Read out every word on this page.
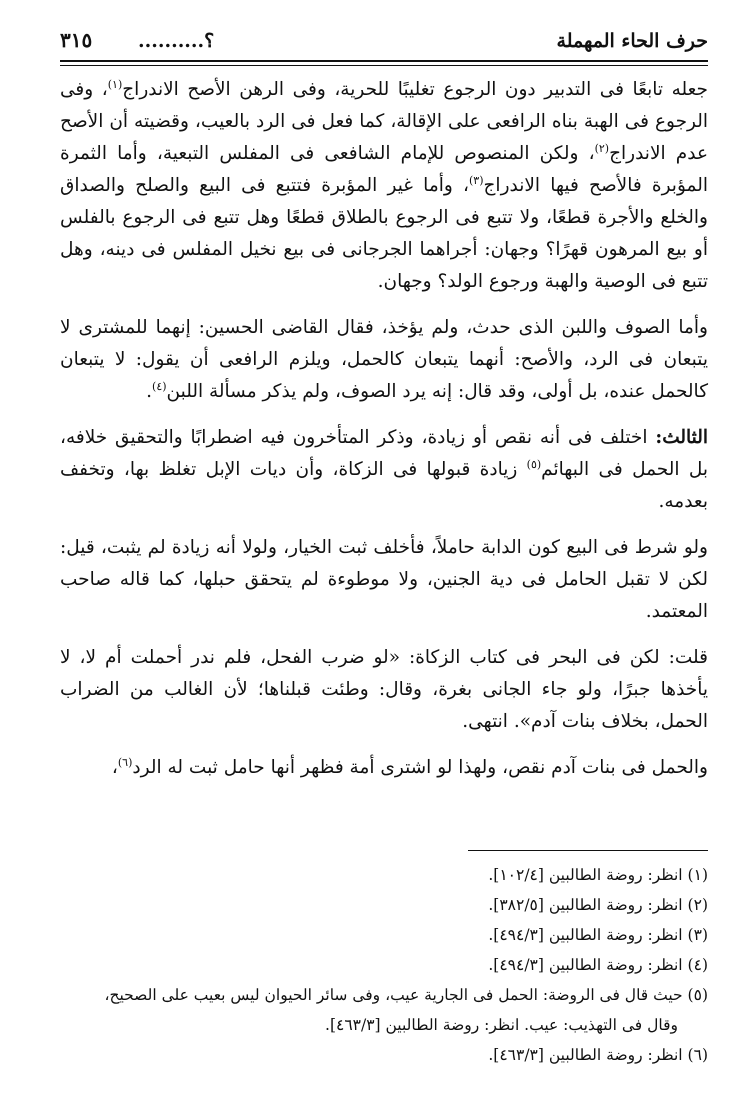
حرف الحاء المهملة
..........؟
٣١٥

جعله تابعًا فى التدبير دون الرجوع تغليبًا للحرية، وفى الرهن الأصح الاندراج$^{(١)}$، وفى الرجوع فى الهبة بناه الرافعى على الإقالة، كما فعل فى الرد بالعيب، وقضيته أن الأصح عدم الاندراج$^{(٢)}$، ولكن المنصوص للإمام الشافعى فى المفلس التبعية، وأما الثمرة المؤبرة فالأصح فيها الاندراج$^{(٣)}$، وأما غير المؤبرة فتتبع فى البيع والصلح والصداق والخلع والأجرة قطعًا، ولا تتبع فى الرجوع بالطلاق قطعًا وهل تتبع فى الرجوع بالفلس أو بيع المرهون قهرًا؟ وجهان: أجراهما الجرجانى فى بيع نخيل المفلس فى دينه، وهل تتبع فى الوصية والهبة ورجوع الولد؟ وجهان.

وأما الصوف واللبن الذى حدث، ولم يؤخذ، فقال القاضى الحسين: إنهما للمشترى لا يتبعان فى الرد، والأصح: أنهما يتبعان كالحمل، ويلزم الرافعى أن يقول: لا يتبعان كالحمل عنده، بل أولى، وقد قال: إنه يرد الصوف، ولم يذكر مسألة اللبن$^{(٤)}$.

الثالث: اختلف فى أنه نقص أو زيادة، وذكر المتأخرون فيه اضطرابًا والتحقيق خلافه، بل الحمل فى البهائم$^{(٥)}$ زيادة قبولها فى الزكاة، وأن ديات الإبل تغلظ بها، وتخفف بعدمه.

ولو شرط فى البيع كون الدابة حاملاً، فأخلف ثبت الخيار، ولولا أنه زيادة لم يثبت، قيل: لكن لا تقبل الحامل فى دية الجنين، ولا موطوءة لم يتحقق حبلها، كما قاله صاحب المعتمد.

قلت: لكن فى البحر فى كتاب الزكاة: «لو ضرب الفحل، فلم ندر أحملت أم لا، لا يأخذها جبرًا، ولو جاء الجانى بغرة، وقال: وطئت قبلناها؛ لأن الغالب من الضراب الحمل، بخلاف بنات آدم». انتهى.

والحمل فى بنات آدم نقص، ولهذا لو اشترى أمة فظهر أنها حامل ثبت له الرد$^{(٦)}$،

(١) انظر: روضة الطالبين [١٠٢/٤].

(٢) انظر: روضة الطالبين [٣٨٢/٥].

(٣) انظر: روضة الطالبين [٤٩٤/٣].

(٤) انظر: روضة الطالبين [٤٩٤/٣].

(٥) حيث قال فى الروضة: الحمل فى الجارية عيب، وفى سائر الحيوان ليس بعيب على الصحيح،

وقال فى التهذيب: عيب. انظر: روضة الطالبين [٤٦٣/٣].

(٦) انظر: روضة الطالبين [٤٦٣/٣].
